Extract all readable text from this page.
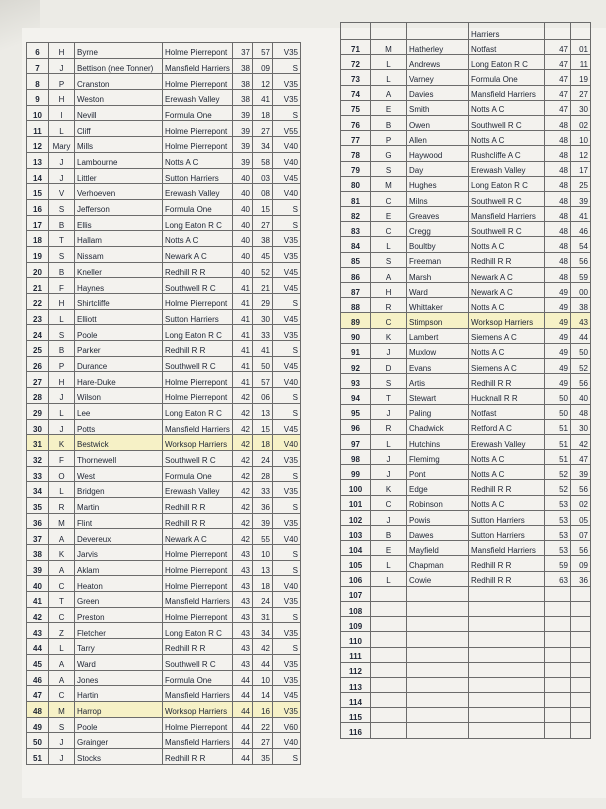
6	H	Byrne	Holme Pierrepont	37	57	V35
7	J	Bettison (nee Tonner)	Mansfield Harriers	38	09	S
8	P	Cranston	Holme Pierrepont	38	12	V35
9	H	Weston	Erewash Valley	38	41	V35
10	I	Nevill	Formula One	39	18	S
11	L	Cliff	Holme Pierrepont	39	27	V55
12	Mary	Mills	Holme Pierrepont	39	34	V40
13	J	Lambourne	Notts A C	39	58	V40
14	J	Littler	Sutton Harriers	40	03	V45
15	V	Verhoeven	Erewash Valley	40	08	V40
16	S	Jefferson	Formula One	40	15	S
17	B	Ellis	Long Eaton R C	40	27	S
18	T	Hallam	Notts A C	40	38	V35
19	S	Nissam	Newark A C	40	45	V35
20	B	Kneller	Redhill R R	40	52	V45
21	F	Haynes	Southwell R C	41	21	V45
22	H	Shirtcliffe	Holme Pierrepont	41	29	S
23	L	Elliott	Sutton Harriers	41	30	V45
24	S	Poole	Long Eaton R C	41	33	V35
25	B	Parker	Redhill R R	41	41	S
26	P	Durance	Southwell R C	41	50	V45
27	H	Hare-Duke	Holme Pierrepont	41	57	V40
28	J	Wilson	Holme Pierrepont	42	06	S
29	L	Lee	Long Eaton R C	42	13	S
30	J	Potts	Mansfield Harriers	42	15	V45
31	K	Bestwick	Worksop Harriers	42	18	V40
32	F	Thornewell	Southwell R C	42	24	V35
33	O	West	Formula One	42	28	S
34	L	Bridgen	Erewash Valley	42	33	V35
35	R	Martin	Redhill R R	42	36	S
36	M	Flint	Redhill R R	42	39	V35
37	A	Devereux	Newark A C	42	55	V40
38	K	Jarvis	Holme Pierrepont	43	10	S
39	A	Aklam	Holme Pierrepont	43	13	S
40	C	Heaton	Holme Pierrepont	43	18	V40
41	T	Green	Mansfield Harriers	43	24	V35
42	C	Preston	Holme Pierrepont	43	31	S
43	Z	Fletcher	Long Eaton R C	43	34	V35
44	L	Tarry	Redhill R R	43	42	S
45	A	Ward	Southwell R C	43	44	V35
46	A	Jones	Formula One	44	10	V35
47	C	Hartin	Mansfield Harriers	44	14	V45
48	M	Harrop	Worksop Harriers	44	16	V35
49	S	Poole	Holme Pierrepont	44	22	V60
50	J	Grainger	Mansfield Harriers	44	27	V40
51	J	Stocks	Redhill R R	44	35	S
			Harriers		
71	M	Hatherley	Notfast	47	01
72	L	Andrews	Long Eaton R C	47	11
73	L	Varney	Formula One	47	19
74	A	Davies	Mansfield Harriers	47	27
75	E	Smith	Notts A C	47	30
76	B	Owen	Southwell R C	48	02
77	P	Allen	Notts A C	48	10
78	G	Haywood	Rushcliffe A C	48	12
79	S	Day	Erewash Valley	48	17
80	M	Hughes	Long Eaton R C	48	25
81	C	Milns	Southwell R C	48	39
82	E	Greaves	Mansfield Harriers	48	41
83	C	Cregg	Southwell R C	48	46
84	L	Boultby	Notts A C	48	54
85	S	Freeman	Redhill R R	48	56
86	A	Marsh	Newark A C	48	59
87	H	Ward	Newark A C	49	00
88	R	Whittaker	Notts A C	49	38
89	C	Stimpson	Worksop Harriers	49	43
90	K	Lambert	Siemens A C	49	44
91	J	Muxlow	Notts A C	49	50
92	D	Evans	Siemens A C	49	52
93	S	Artis	Redhill R R	49	56
94	T	Stewart	Hucknall R R	50	40
95	J	Paling	Notfast	50	48
96	R	Chadwick	Retford A C	51	30
97	L	Hutchins	Erewash Valley	51	42
98	J	Flemimg	Notts A C	51	47
99	J	Pont	Notts A C	52	39
100	K	Edge	Redhill R R	52	56
101	C	Robinson	Notts A C	53	02
102	J	Powis	Sutton Harriers	53	05
103	B	Dawes	Sutton Harriers	53	07
104	E	Mayfield	Mansfield Harriers	53	56
105	L	Chapman	Redhill R R	59	09
106	L	Cowie	Redhill R R	63	36
107					
108					
109					
110					
111					
112					
113					
114					
115					
116					
